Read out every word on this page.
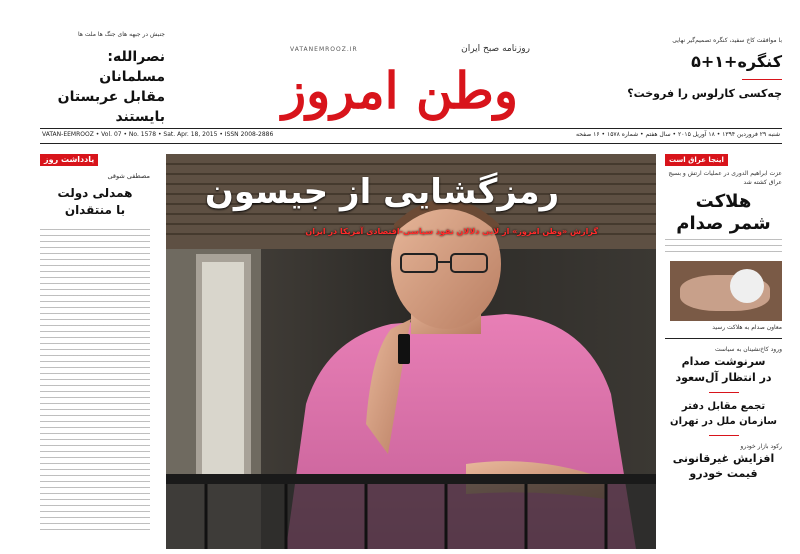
جنبش در جبهه های جنگ ها ملت ها
نصرالله: مسلمانان
مقابل عربستان بایستند
روزنامه صبح ایران
VATANEMROOZ.IR
وطن امروز
با موافقت کاخ سفید، کنگره تصمیم‌گیر نهایی
کنگره+۱+۵
چه‌کسی کارلوس را فروخت؟
VATAN-EEMROOZ • Vol. 07 • No. 1578 • Sat. Apr. 18, 2015 • ISSN 2008-2886	شنبه ۲۹ فروردین ۱۳۹۴ • ۱۸ آوریل ۲۰۱۵ • سال هفتم • شماره ۱۵۷۸ • ۱۶ صفحه
یادداشت روز
مصطفی شوقی
همدلی دولت
با منتقدان	رمزگشایی از جیسون
گزارش «وطن امروز» از لابی دلالان نفوذ سیاسی-اقتصادی آمریکا در ایران
اینجا عراق است
عزت ابراهیم الدوری در عملیات ارتش و بسیج عراق کشته شد
هلاکت
شمر صدام
معاون صدام به هلاکت رسید
ورود کاخ‌نشینان به سیاست
سرنوشت صدام
در انتظار آل‌سعود
تجمع مقابل دفتر
سازمان ملل در تهران
رکود بازار خودرو
افزایش غیرقانونی
قیمت خودرو
